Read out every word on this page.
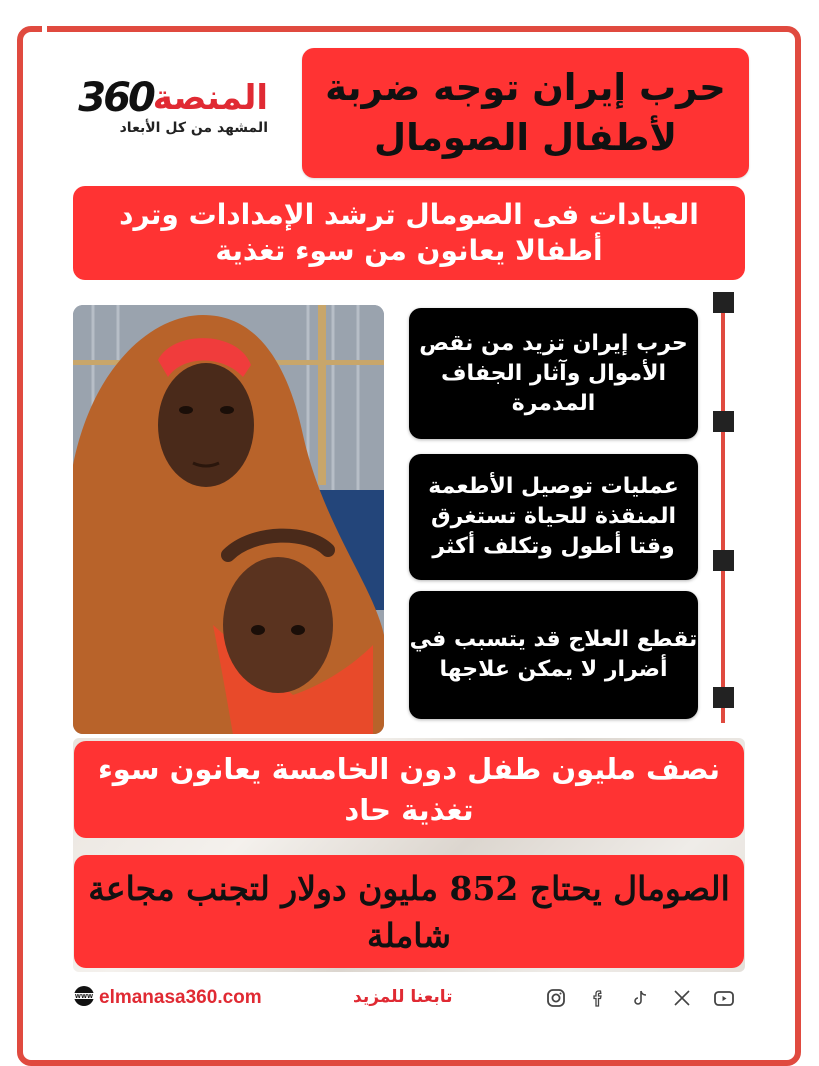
360 المنصة
المشهد من كل الأبعاد
حرب إيران توجه ضربة لأطفال الصومال
العيادات فى الصومال ترشد الإمدادات وترد أطفالا يعانون من سوء تغذية
حرب إيران تزيد من نقص الأموال وآثار الجفاف المدمرة
عمليات توصيل الأطعمة المنقذة للحياة تستغرق وقتا أطول وتكلف أكثر
تقطع العلاج قد يتسبب في أضرار لا يمكن علاجها
نصف مليون طفل دون الخامسة يعانون سوء تغذية حاد
الصومال يحتاج 852 مليون دولار لتجنب مجاعة شاملة
WWW elmanasa360.com	تابعنا للمزيد
